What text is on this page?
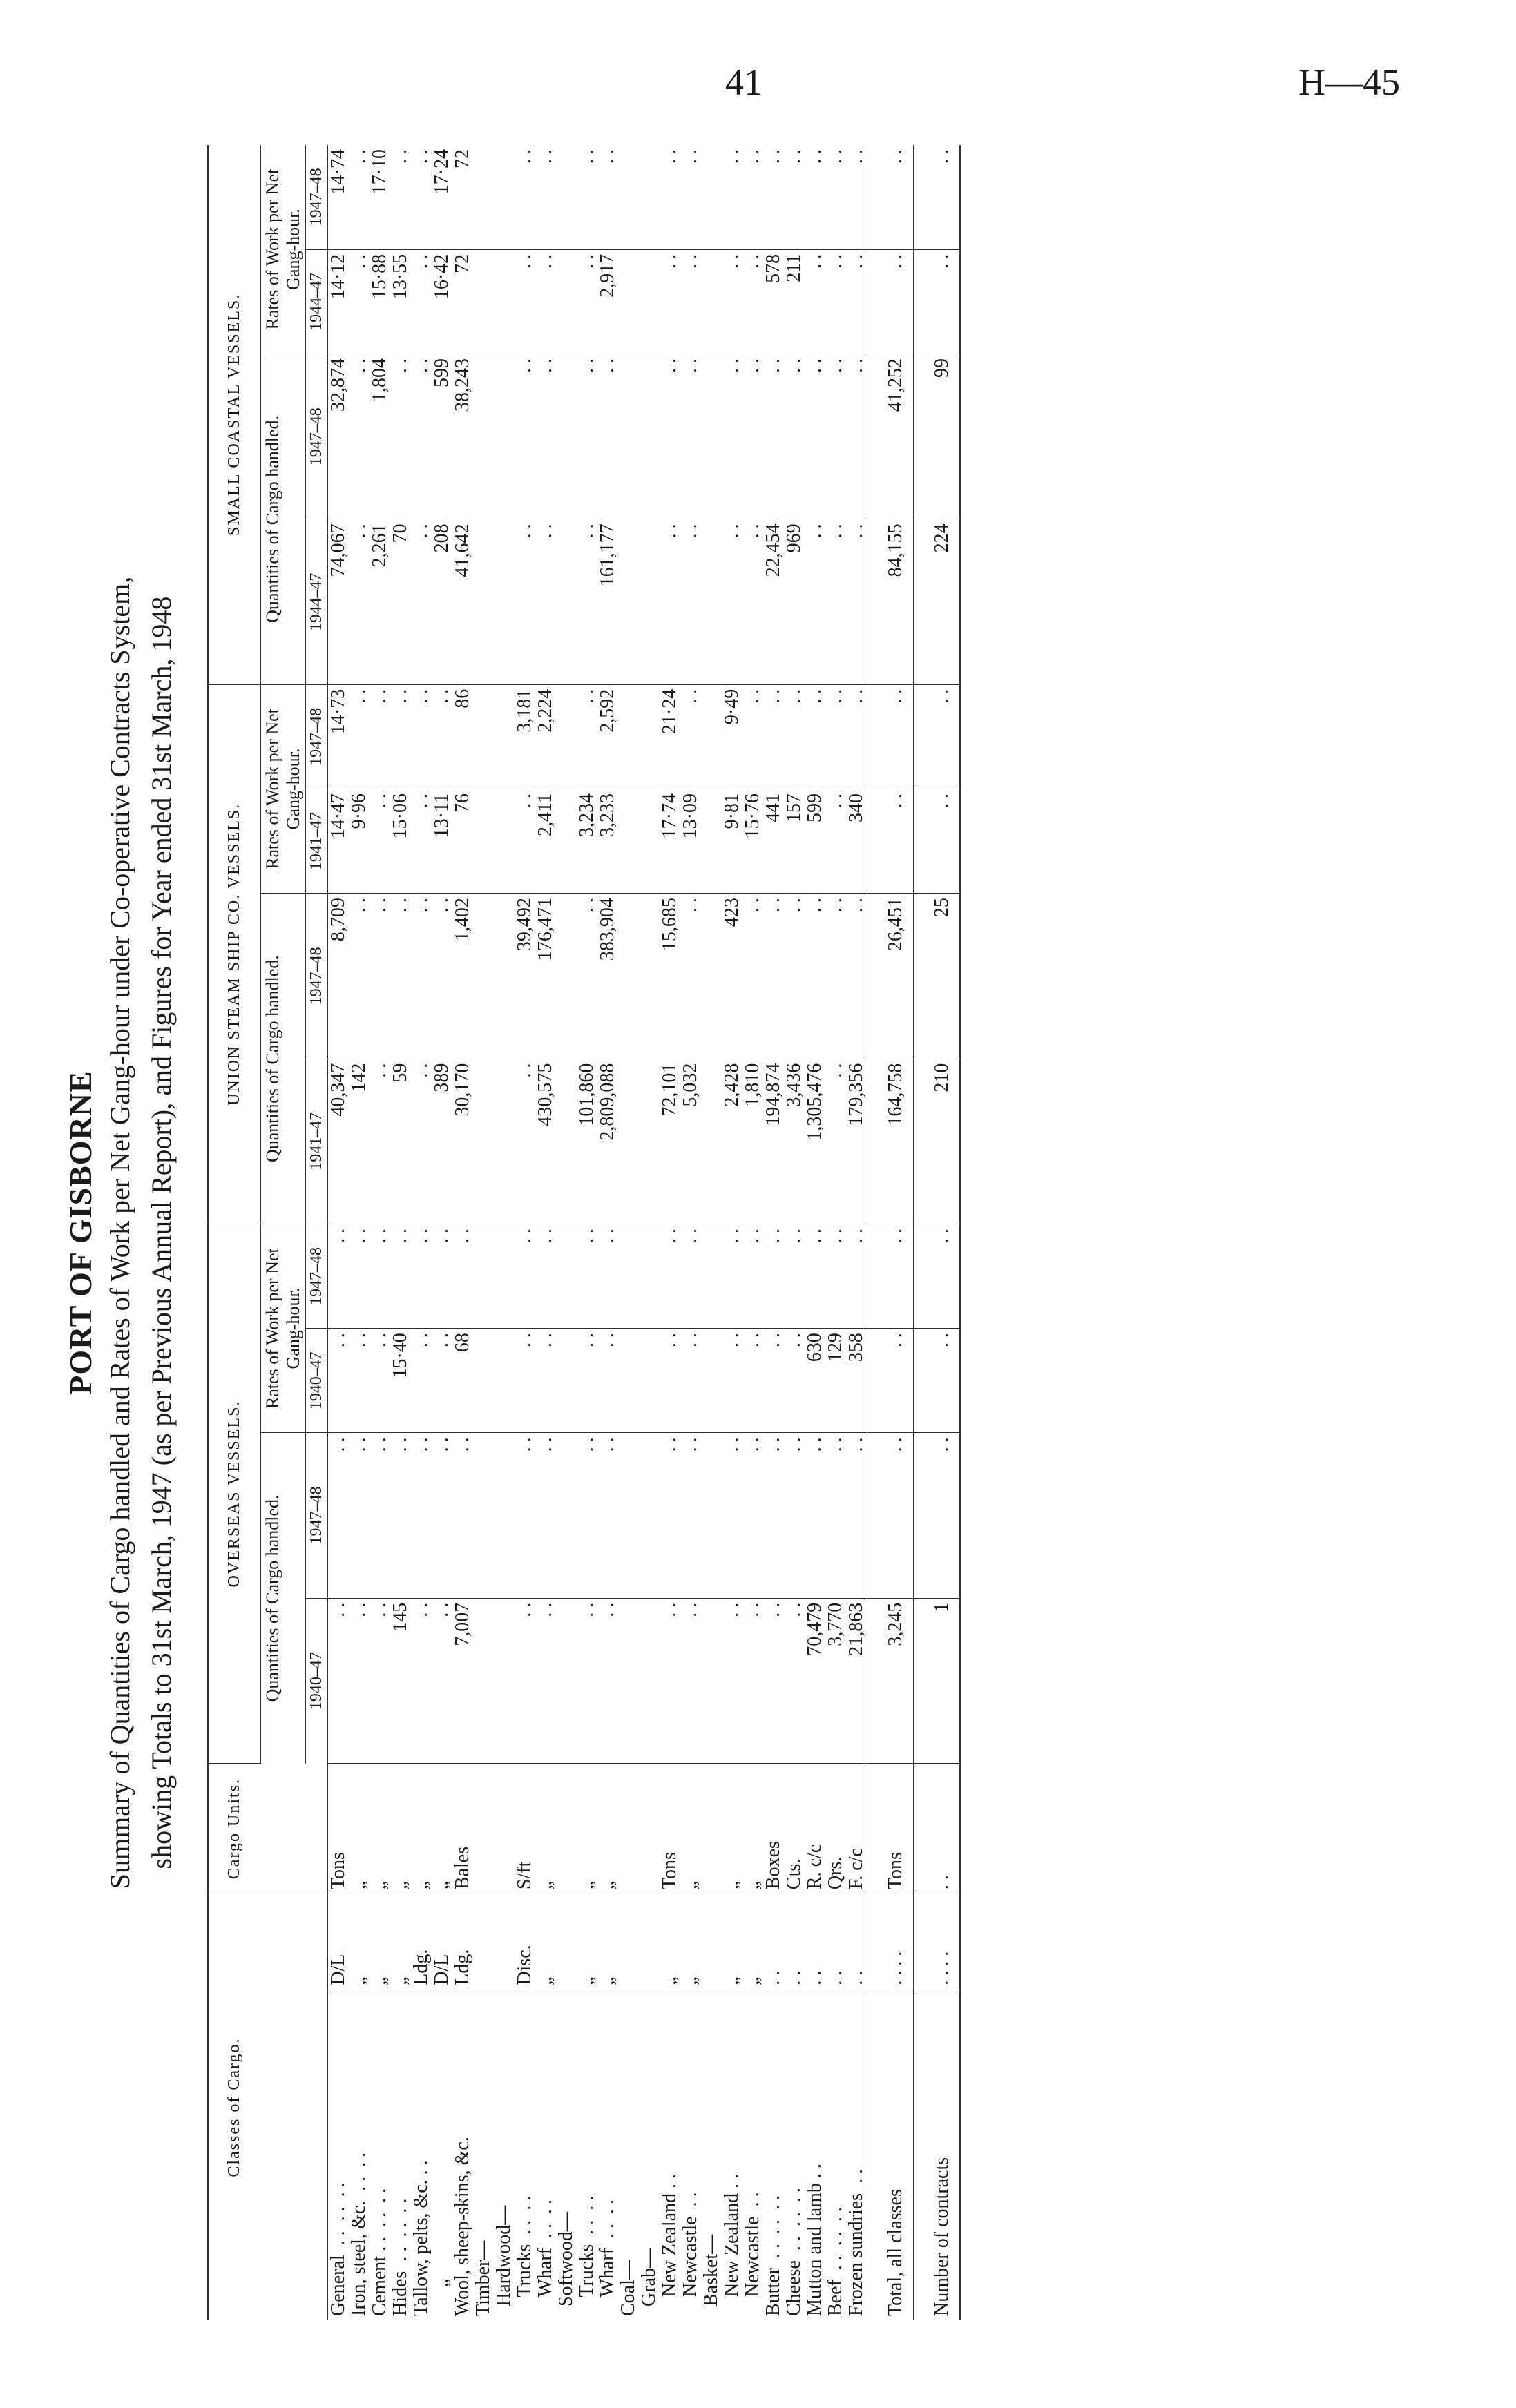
41	H—45
PORT OF GISBORNE Summary of Quantities of Cargo handled and Rates of Work per Net Gang-hour under Co-operative Contracts System, showing Totals to 31st March, 1947 (as per Previous Annual Report), and Figures for Year ended 31st March, 1948
Classes of Cargo.		Cargo Units.	OVERSEAS VESSELS.				UNION STEAM SHIP CO. VESSELS.				SMALL COASTAL VESSELS.			
			Quantities of Cargo handled.		Rates of Work per Net Gang-hour.		Quantities of Cargo handled.		Rates of Work per Net Gang-hour.		Quantities of Cargo handled.		Rates of Work per Net Gang-hour.	
			1940–47	1947–48	1940–47	1947–48	1941–47	1947–48	1941–47	1947–48	1944–47	1947–48	1944–47	1947–48
General  . .  . .  . .	D/L	Tons	. .	. .	. .	. .	40,347	8,709	14·47	14·73	74,067	32,874	14·12	14·74
Iron, steel, &c.  . .  . .	„	„	. .	. .	. .	. .	142	. .	9·96	. .	. .	. .	. .	. .
Cement . .  . .  . .	„	„	. .	. .	. .	. .	. .	. .	. .	. .	2,261	1,804	15·88	17·10
Hides  . .  . .  . .	„	„	145	. .	15·40	. .	59	. .	15·06	. .	70	. .	13·55	. .
Tallow, pelts, &c. . .	Ldg.	„	. .	. .	. .	. .	. .	. .	. .	. .	. .	. .	. .	. .
„	D/L	„	. .	. .	. .	. .	389	. .	13·11	. .	208	599	16·42	17·24
Wool, sheep-skins, &c.	Ldg.	Bales	7,007	. .	68	. .	30,170	1,402	76	86	41,642	38,243	72	72
Timber—														
Hardwood—														
Trucks  . .  . .	Disc.	S/ft	. .	. .	. .	. .	. .	39,492	. .	3,181	. .	. .	. .	. .
Wharf  . .  . .	„	„	. .	. .	. .	. .	430,575	176,471	2,411	2,224	. .	. .	. .	. .
Softwood—														
Trucks  . .  . .	„	„	. .	. .	. .	. .	101,860	. .	3,234	. .	. .	. .	. .	. .
Wharf  . .  . .	„	„	. .	. .	. .	. .	2,809,088	383,904	3,233	2,592	161,177	. .	2,917	. .
Coal—														
Grab—														
New Zealand . .	„	Tons	. .	. .	. .	. .	72,101	15,685	17·74	21·24	. .	. .	. .	. .
Newcastle  . .	„	„	. .	. .	. .	. .	5,032	. .	13·09	. .	. .	. .	. .	. .
Basket—														
New Zealand . .	„	„	. .	. .	. .	. .	2,428	423	9·81	9·49	. .	. .	. .	. .
Newcastle  . .	„	„	. .	. .	. .	. .	1,810	. .	15·76	. .	. .	. .	. .	. .
Butter  . .  . .  . .	. .	Boxes	. .	. .	. .	. .	194,874	. .	441	. .	22,454	. .	578	. .
Cheese  . .  . .  . .	. .	Cts.	. .	. .	. .	. .	3,436	. .	157	. .	969	. .	211	. .
Mutton and lamb . .	. .	R. c/c	70,479	. .	630	. .	1,305,476	. .	599	. .	. .	. .	. .	. .
Beef  . .  . .  . .	. .	Qrs.	3,770	. .	129	. .	. .	. .	. .	. .	. .	. .	. .	. .
Frozen sundries  . .	. .	F. c/c	21,863	. .	358	. .	179,356	. .	340	. .	. .	. .	. .	. .
Total, all classes	. . . .	Tons	3,245	. .	. .	. .	164,758	26,451	. .	. .	84,155	41,252	. .	. .
Number of contracts	. . . .	. .	1	. .	. .	. .	210	25	. .	. .	224	99	. .	. .
